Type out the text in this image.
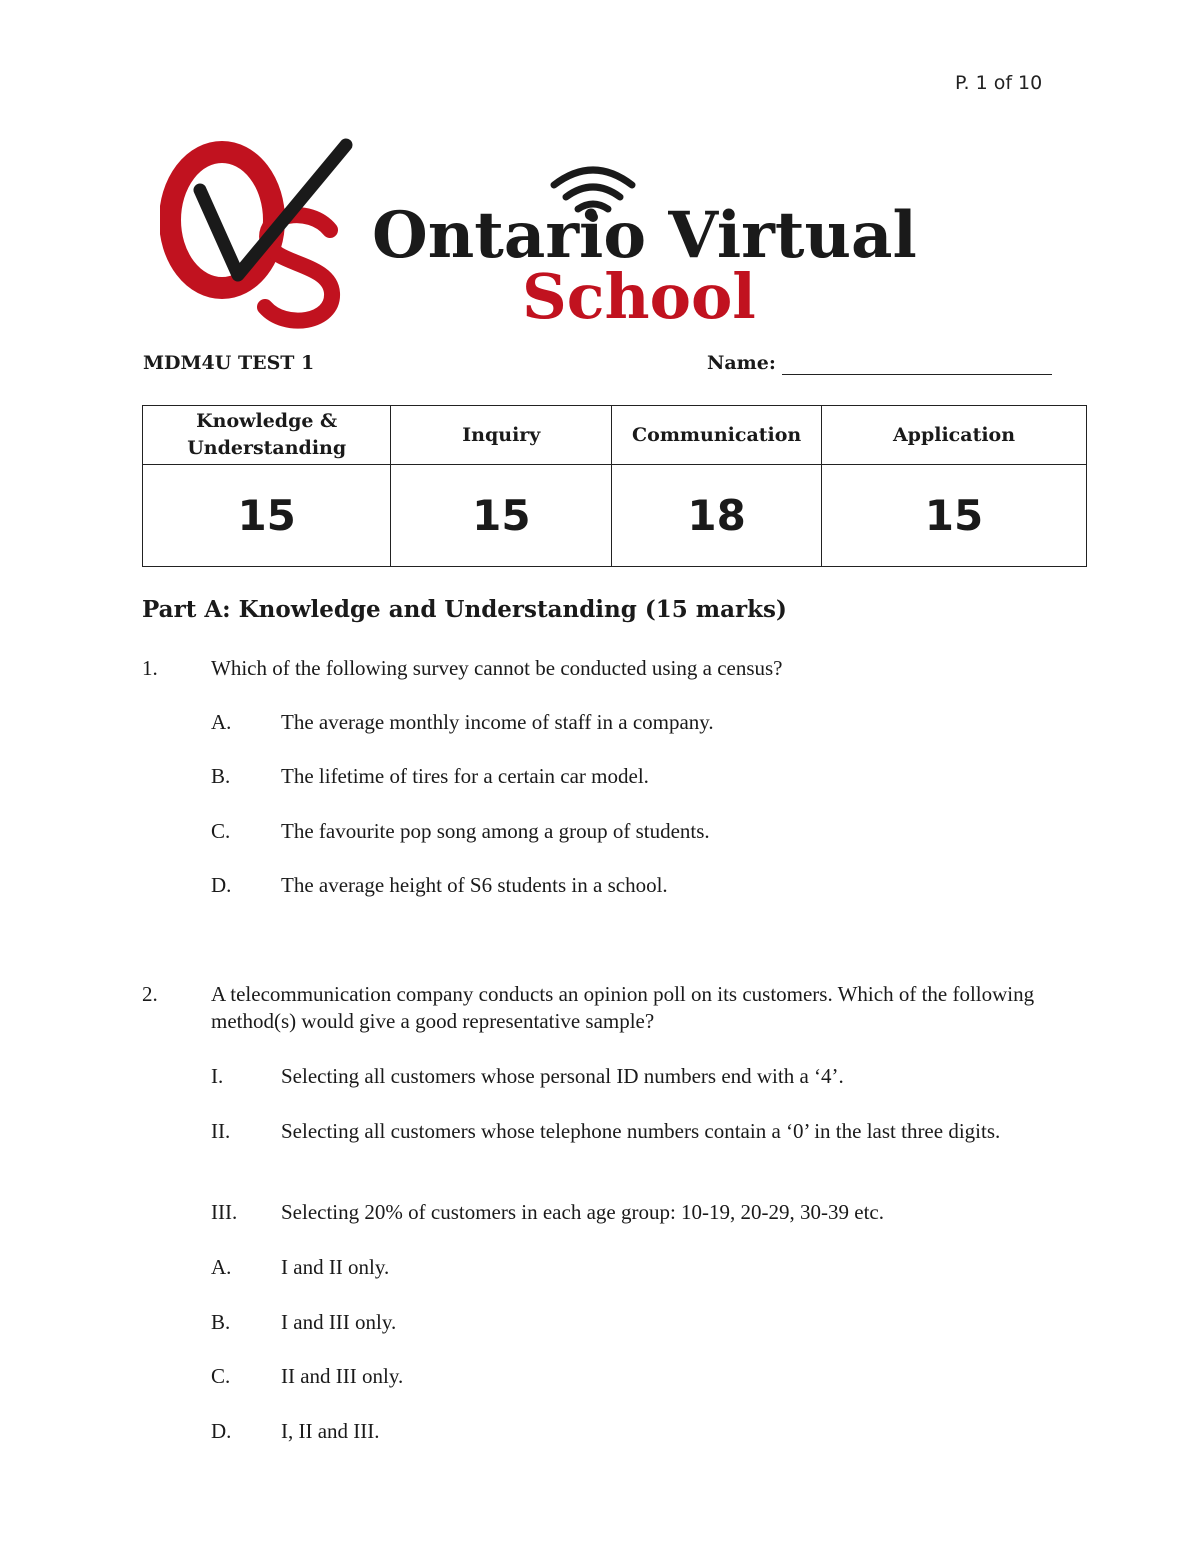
P. 1 of 10
Ontario Virtual
School
MDM4U TEST 1	Name:
Knowledge & Understanding	Inquiry	Communication	Application
15	15	18	15
Part A: Knowledge and Understanding (15 marks)
1.	Which of the following survey cannot be conducted using a census?
A. The average monthly income of staff in a company.
B. The lifetime of tires for a certain car model.
C. The favourite pop song among a group of students.
D. The average height of S6 students in a school.
2.	A telecommunication company conducts an opinion poll on its customers. Which of the following method(s) would give a good representative sample?
I.	Selecting all customers whose personal ID numbers end with a ‘4’.
II. Selecting all customers whose telephone numbers contain a ‘0’ in the last three digits.
III. Selecting 20% of customers in each age group: 10-19, 20-29, 30-39 etc.
A. I and II only.
B. I and III only.
C. II and III only.
D. I, II and III.
